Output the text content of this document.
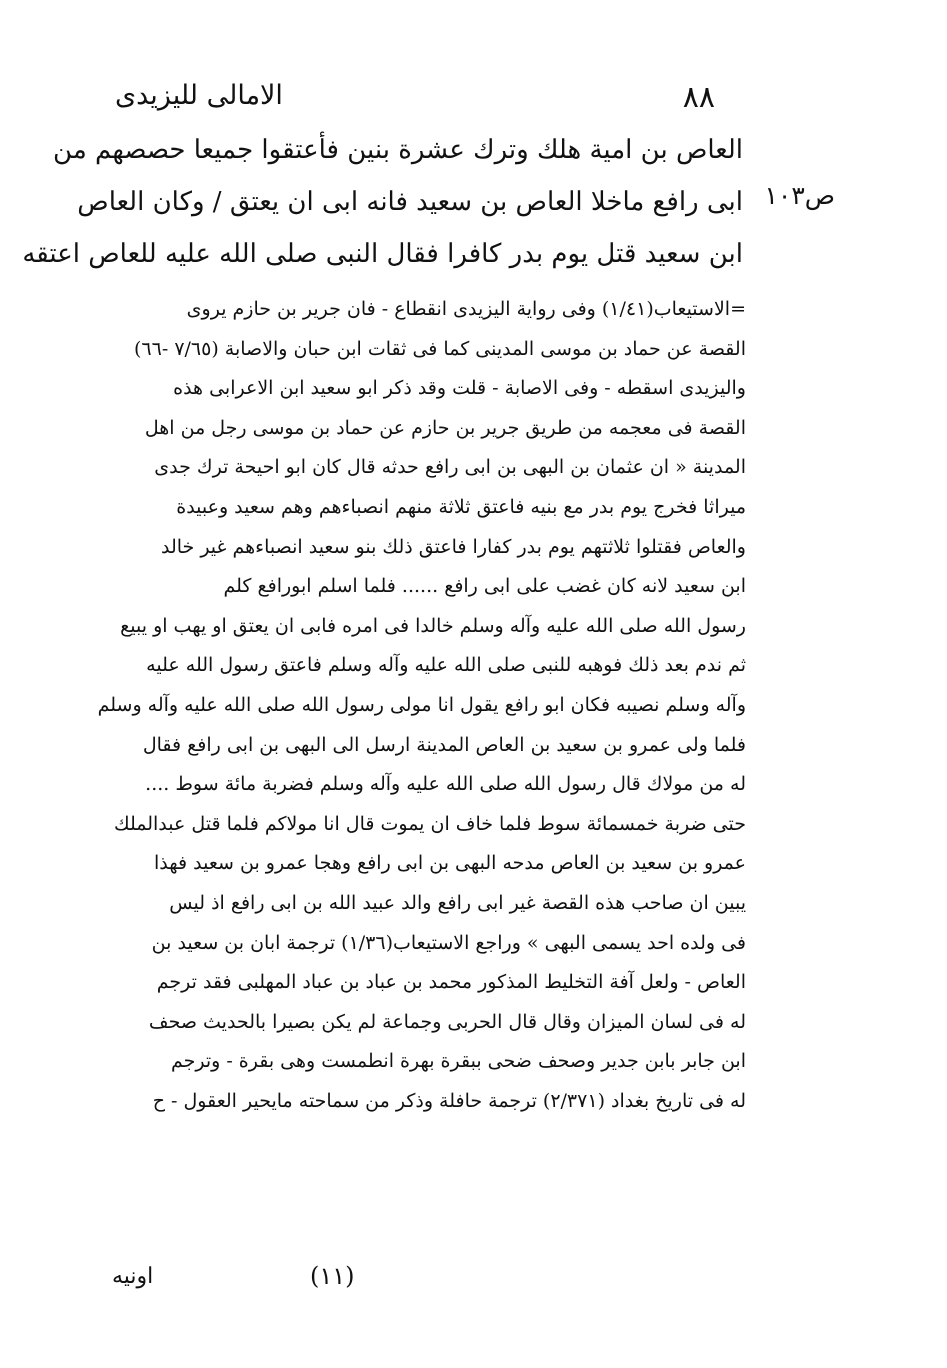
الامالى لليزيدى	٨٨
ص١٠٣
العاص بن امية هلك وترك عشرة بنين فأعتقوا جميعا حصصهم من
ابى رافع ماخلا العاص بن سعيد فانه ابى ان يعتق / وكان العاص
ابن سعيد قتل يوم بدر كافرا فقال النبى صلى الله عليه للعاص اعتقه
=الاستيعاب(١/٤١) وفى رواية اليزيدى انقطاع - فان جرير بن حازم يروى
القصة عن حماد بن موسى المدينى كما فى ثقات ابن حبان والاصابة (٧/٦٥ -٦٦)
واليزيدى اسقطه - وفى الاصابة - قلت وقد ذكر ابو سعيد ابن الاعرابى هذه
القصة فى معجمه من طريق جرير بن حازم عن حماد بن موسى رجل من اهل
المدينة « ان عثمان بن البهى بن ابى رافع حدثه قال كان ابو احيحة ترك جدى
ميراثا فخرج يوم بدر مع بنيه فاعتق ثلاثة منهم انصباءهم وهم سعيد وعبيدة
والعاص فقتلوا ثلاثتهم يوم بدر كفارا فاعتق ذلك بنو سعيد انصباءهم غير خالد
ابن سعيد لانه كان غضب على ابى رافع ...... فلما اسلم ابورافع كلم
رسول الله صلى الله عليه وآله وسلم خالدا فى امره فابى ان يعتق او يهب او يبيع
ثم ندم بعد ذلك فوهبه للنبى صلى الله عليه وآله وسلم فاعتق رسول الله عليه
وآله وسلم نصيبه فكان ابو رافع يقول انا مولى رسول الله صلى الله عليه وآله وسلم
فلما ولى عمرو بن سعيد بن العاص المدينة ارسل الى البهى بن ابى رافع فقال
له من مولاك قال رسول الله صلى الله عليه وآله وسلم فضربة مائة سوط ....
حتى ضربة خمسمائة سوط فلما خاف ان يموت قال انا مولاكم فلما قتل عبدالملك
عمرو بن سعيد بن العاص مدحه البهى بن ابى رافع وهجا عمرو بن سعيد فهذا
يبين ان صاحب هذه القصة غير ابى رافع والد عبيد الله بن ابى رافع اذ ليس
فى ولده احد يسمى البهى » وراجع الاستيعاب(١/٣٦) ترجمة ابان بن سعيد بن
العاص - ولعل آفة التخليط المذكور محمد بن عباد بن عباد المهلبى فقد ترجم
له فى لسان الميزان وقال قال الحربى وجماعة لم يكن بصيرا بالحديث صحف
ابن جابر بابن جدير وصحف ضحى ببقرة بهرة انطمست وهى بقرة - وترجم
له فى تاريخ بغداد (٢/٣٧١) ترجمة حافلة وذكر من سماحته مايحير العقول - ح
(١١)
اونيه
